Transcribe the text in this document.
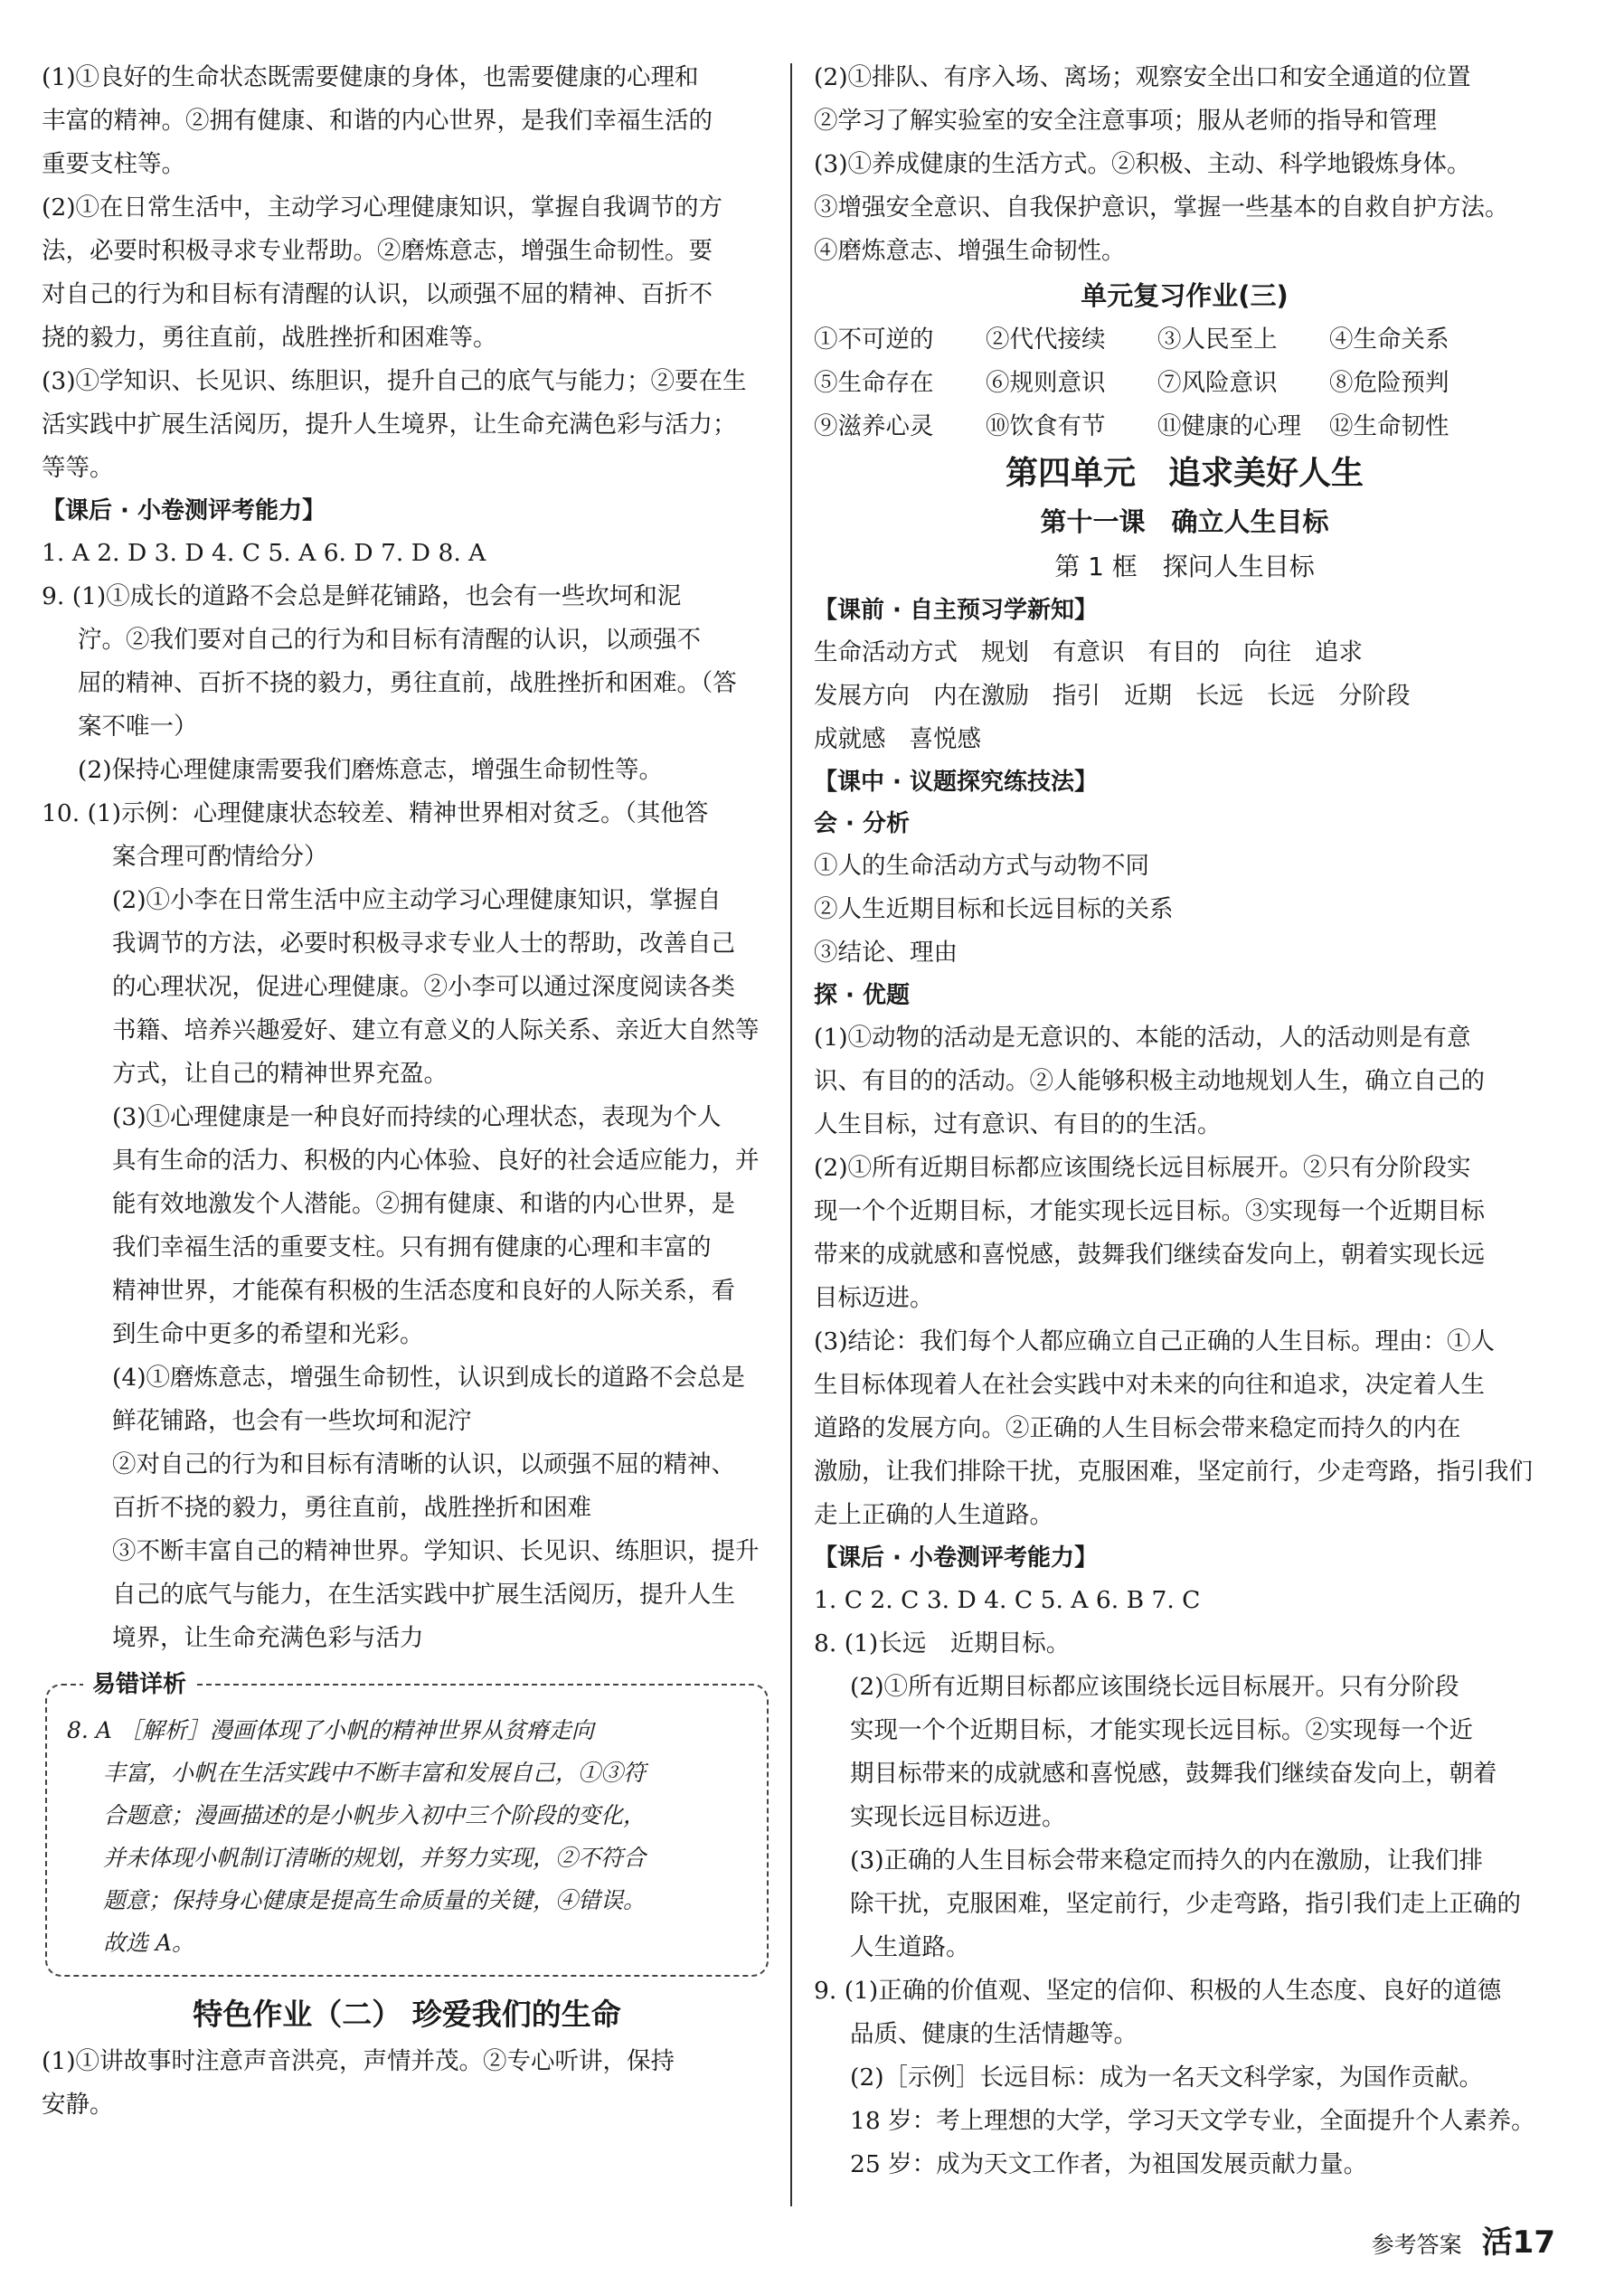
(1)①良好的生命状态既需要健康的身体，也需要健康的心理和

丰富的精神。②拥有健康、和谐的内心世界，是我们幸福生活的

重要支柱等。

(2)①在日常生活中，主动学习心理健康知识，掌握自我调节的方

法，必要时积极寻求专业帮助。②磨炼意志，增强生命韧性。要

对自己的行为和目标有清醒的认识，以顽强不屈的精神、百折不

挠的毅力，勇往直前，战胜挫折和困难等。

(3)①学知识、长见识、练胆识，提升自己的底气与能力；②要在生

活实践中扩展生活阅历，提升人生境界，让生命充满色彩与活力；

等等。

【课后 · 小卷测评考能力】

1. A 2. D 3. D 4. C 5. A 6. D 7. D 8. A

9. (1)①成长的道路不会总是鲜花铺路，也会有一些坎坷和泥

泞。②我们要对自己的行为和目标有清醒的认识，以顽强不

屈的精神、百折不挠的毅力，勇往直前，战胜挫折和困难。（答

案不唯一）

(2)保持心理健康需要我们磨炼意志，增强生命韧性等。

10. (1)示例：心理健康状态较差、精神世界相对贫乏。（其他答

案合理可酌情给分）

(2)①小李在日常生活中应主动学习心理健康知识，掌握自

我调节的方法，必要时积极寻求专业人士的帮助，改善自己

的心理状况，促进心理健康。②小李可以通过深度阅读各类

书籍、培养兴趣爱好、建立有意义的人际关系、亲近大自然等

方式，让自己的精神世界充盈。

(3)①心理健康是一种良好而持续的心理状态，表现为个人

具有生命的活力、积极的内心体验、良好的社会适应能力，并

能有效地激发个人潜能。②拥有健康、和谐的内心世界，是

我们幸福生活的重要支柱。只有拥有健康的心理和丰富的

精神世界，才能葆有积极的生活态度和良好的人际关系，看

到生命中更多的希望和光彩。

(4)①磨炼意志，增强生命韧性，认识到成长的道路不会总是

鲜花铺路，也会有一些坎坷和泥泞

②对自己的行为和目标有清晰的认识，以顽强不屈的精神、

百折不挠的毅力，勇往直前，战胜挫折和困难

③不断丰富自己的精神世界。学知识、长见识、练胆识，提升

自己的底气与能力，在生活实践中扩展生活阅历，提升人生

境界，让生命充满色彩与活力

易错详析

8. A ［解析］漫画体现了小帆的精神世界从贫瘠走向

丰富，小帆在生活实践中不断丰富和发展自己，①③符

合题意；漫画描述的是小帆步入初中三个阶段的变化，

并未体现小帆制订清晰的规划，并努力实现，②不符合

题意；保持身心健康是提高生命质量的关键，④错误。

故选 A。

特色作业（二） 珍爱我们的生命

(1)①讲故事时注意声音洪亮，声情并茂。②专心听讲，保持

安静。

(2)①排队、有序入场、离场；观察安全出口和安全通道的位置

②学习了解实验室的安全注意事项；服从老师的指导和管理

(3)①养成健康的生活方式。②积极、主动、科学地锻炼身体。

③增强安全意识、自我保护意识，掌握一些基本的自救自护方法。

④磨炼意志、增强生命韧性。

单元复习作业(三)

①不可逆的 ②代代接续 ③人民至上 ④生命关系

⑤生命存在 ⑥规则意识 ⑦风险意识 ⑧危险预判

⑨滋养心灵 ⑩饮食有节 ⑪健康的心理 ⑫生命韧性

第四单元　追求美好人生

第十一课　确立人生目标

第 1 框　探问人生目标

【课前 · 自主预习学新知】

生命活动方式 规划 有意识 有目的 向往 追求

发展方向 内在激励 指引 近期 长远 长远 分阶段

成就感 喜悦感

【课中 · 议题探究练技法】

会 · 分析

①人的生命活动方式与动物不同

②人生近期目标和长远目标的关系

③结论、理由

探 · 优题

(1)①动物的活动是无意识的、本能的活动，人的活动则是有意

识、有目的的活动。②人能够积极主动地规划人生，确立自己的

人生目标，过有意识、有目的的生活。

(2)①所有近期目标都应该围绕长远目标展开。②只有分阶段实

现一个个近期目标，才能实现长远目标。③实现每一个近期目标

带来的成就感和喜悦感，鼓舞我们继续奋发向上，朝着实现长远

目标迈进。

(3)结论：我们每个人都应确立自己正确的人生目标。理由：①人

生目标体现着人在社会实践中对未来的向往和追求，决定着人生

道路的发展方向。②正确的人生目标会带来稳定而持久的内在

激励，让我们排除干扰，克服困难，坚定前行，少走弯路，指引我们

走上正确的人生道路。

【课后 · 小卷测评考能力】

1. C 2. C 3. D 4. C 5. A 6. B 7. C

8. (1)长远　近期目标。

(2)①所有近期目标都应该围绕长远目标展开。只有分阶段

实现一个个近期目标，才能实现长远目标。②实现每一个近

期目标带来的成就感和喜悦感，鼓舞我们继续奋发向上，朝着

实现长远目标迈进。

(3)正确的人生目标会带来稳定而持久的内在激励，让我们排

除干扰，克服困难，坚定前行，少走弯路，指引我们走上正确的

人生道路。

9. (1)正确的价值观、坚定的信仰、积极的人生态度、良好的道德

品质、健康的生活情趣等。

(2)［示例］长远目标：成为一名天文科学家，为国作贡献。

18 岁：考上理想的大学，学习天文学专业，全面提升个人素养。

25 岁：成为天文工作者，为祖国发展贡献力量。

参考答案 活17
